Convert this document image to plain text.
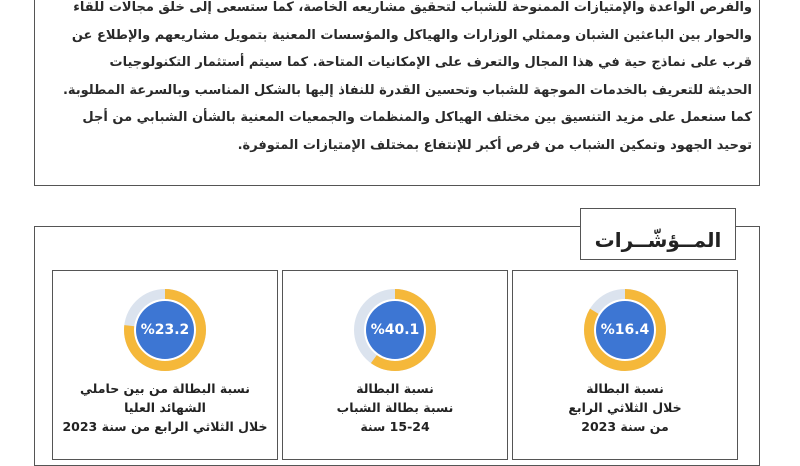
والفرص الواعدة والإمتيازات الممنوحة للشباب لتحقيق مشاريعه الخاصة، كما ستسعى إلى خلق مجالات للقاء
والحوار بين الباعثين الشبان وممثلي الوزارات والهياكل والمؤسسات المعنية بتمويل مشاريعهم والإطلاع عن
قرب على نماذج حية في هذا المجال والتعرف على الإمكانيات المتاحة. كما سيتم أستثمار التكنولوجيات
الحديثة للتعريف بالخدمات الموجهة للشباب وتحسين القدرة للنفاذ إليها بالشكل المناسب وبالسرعة المطلوبة.
كما سنعمل على مزيد التنسيق بين مختلف الهياكل والمنظمات والجمعيات المعنية بالشأن الشبابي من أجل
توحيد الجهود وتمكين الشباب من فرص أكبر للإنتفاع بمختلف الإمتيازات المتوفرة.
المــؤشّــرات
%23.2
نسبة البطالة من بين حاملي
الشهائد العليا
خلال الثلاثي الرابع من سنة 2023
%40.1
نسبة البطالة
نسبة بطالة الشباب
15-24 سنة
%16.4
نسبة البطالة
خلال الثلاثي الرابع
من سنة 2023
